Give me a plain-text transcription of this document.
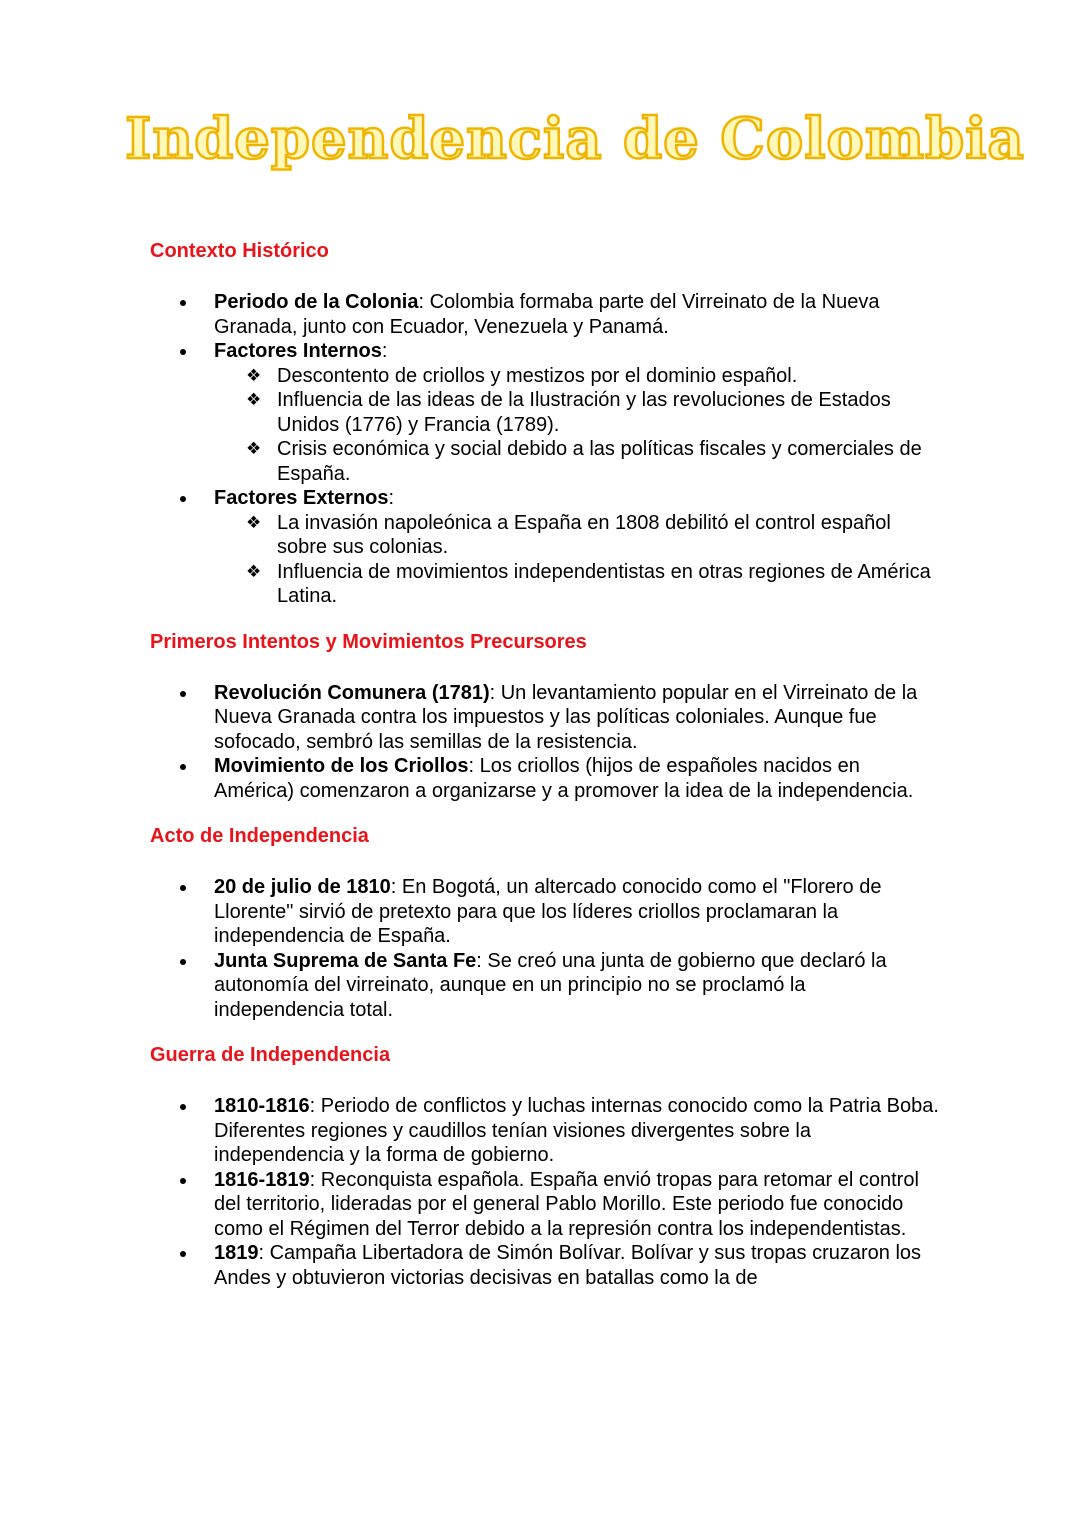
Independencia de Colombia
Contexto Histórico
Periodo de la Colonia: Colombia formaba parte del Virreinato de la Nueva Granada, junto con Ecuador, Venezuela y Panamá.
Factores Internos:
❖ Descontento de criollos y mestizos por el dominio español.
❖ Influencia de las ideas de la Ilustración y las revoluciones de Estados Unidos (1776) y Francia (1789).
❖ Crisis económica y social debido a las políticas fiscales y comerciales de España.
Factores Externos:
❖ La invasión napoleónica a España en 1808 debilitó el control español sobre sus colonias.
❖ Influencia de movimientos independentistas en otras regiones de América Latina.
Primeros Intentos y Movimientos Precursores
Revolución Comunera (1781): Un levantamiento popular en el Virreinato de la Nueva Granada contra los impuestos y las políticas coloniales. Aunque fue sofocado, sembró las semillas de la resistencia.
Movimiento de los Criollos: Los criollos (hijos de españoles nacidos en América) comenzaron a organizarse y a promover la idea de la independencia.
Acto de Independencia
20 de julio de 1810: En Bogotá, un altercado conocido como el "Florero de Llorente" sirvió de pretexto para que los líderes criollos proclamaran la independencia de España.
Junta Suprema de Santa Fe: Se creó una junta de gobierno que declaró la autonomía del virreinato, aunque en un principio no se proclamó la independencia total.
Guerra de Independencia
1810-1816: Periodo de conflictos y luchas internas conocido como la Patria Boba. Diferentes regiones y caudillos tenían visiones divergentes sobre la independencia y la forma de gobierno.
1816-1819: Reconquista española. España envió tropas para retomar el control del territorio, lideradas por el general Pablo Morillo. Este periodo fue conocido como el Régimen del Terror debido a la represión contra los independentistas.
1819: Campaña Libertadora de Simón Bolívar. Bolívar y sus tropas cruzaron los Andes y obtuvieron victorias decisivas en batallas como la de
